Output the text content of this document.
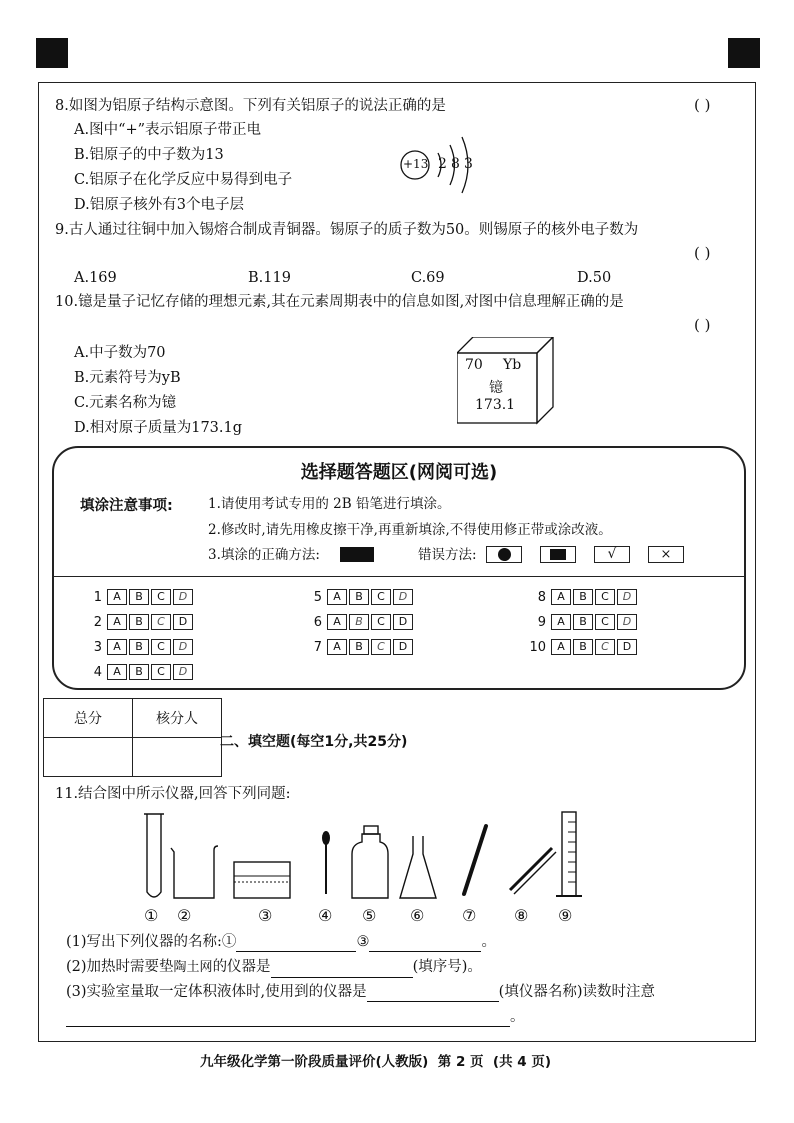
8.如图为铝原子结构示意图。下列有关铝原子的说法正确的是	( )
A.图中“+”表示铝原子带正电
B.铝原子的中子数为13
C.铝原子在化学反应中易得到电子
D.铝原子核外有3个电子层
+13 2 8 3
9.古人通过往铜中加入锡熔合制成青铜器。锡原子的质子数为50。则锡原子的核外电子数为
( )
A.169	B.119	C.69	D.50
10.镱是量子记忆存储的理想元素,其在元素周期表中的信息如图,对图中信息理解正确的是
( )
A.中子数为70
B.元素符号为yB
C.元素名称为镱
D.相对原子质量为173.1g
70 Yb
镱
173.1
选择题答题区(网阅可选)
填涂注意事项:	1.请使用考试专用的 2B 铅笔进行填涂。
2.修改时,请先用橡皮擦干净,再重新填涂,不得使用修正带或涂改液。
3.填涂的正确方法:	错误方法:	√	×
1 A B C D
2 A B C D
3 A B C D
4 A B C D
5 A B C D
6 A B C D
7 A B C D
8 A B C D
9 A B C D
10 A B C D
总分	核分人

二、填空题(每空1分,共25分)
11.结合图中所示仪器,回答下列同题:
① ②	③	④ ⑤ ⑥ ⑦ ⑧ ⑨
(1)写出下列仪器的名称:①	③	。
(2)加热时需要垫陶土网的仪器是	(填序号)。
(3)实验室量取一定体积液体时,使用到的仪器是	(填仪器名称)读数时注意
。
九年级化学第一阶段质量评价(人教版)  第 2 页  (共 4 页)
